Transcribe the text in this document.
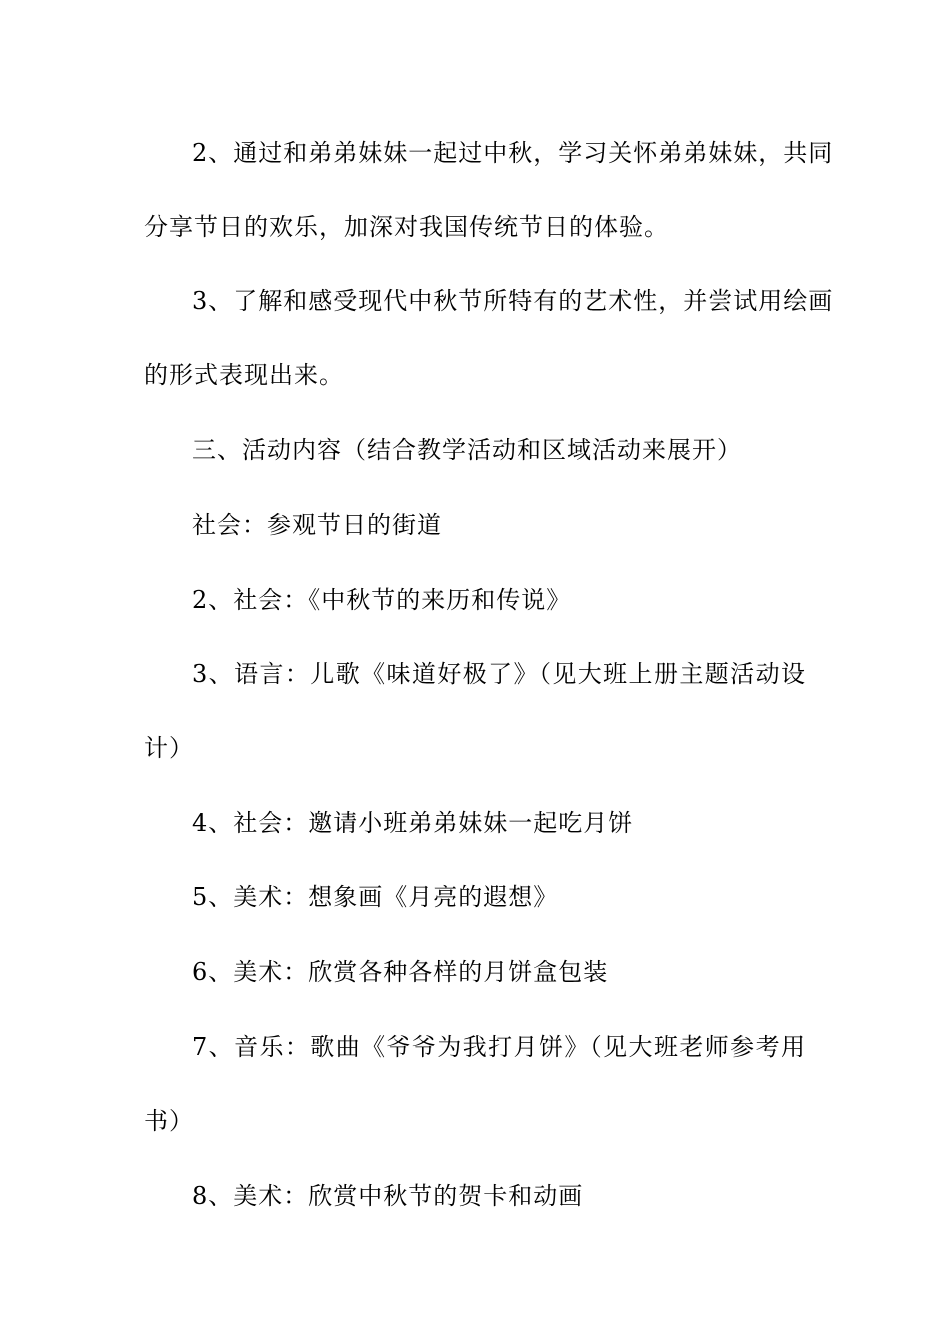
2、通过和弟弟妹妹一起过中秋，学习关怀弟弟妹妹，共同
分享节日的欢乐，加深对我国传统节日的体验。
3、了解和感受现代中秋节所特有的艺术性，并尝试用绘画
的形式表现出来。
三、活动内容（结合教学活动和区域活动来展开）
社会：参观节日的街道
2、社会：《中秋节的来历和传说》
3、语言：儿歌《味道好极了》（见大班上册主题活动设
计）
4、社会：邀请小班弟弟妹妹一起吃月饼
5、美术：想象画《月亮的遐想》
6、美术：欣赏各种各样的月饼盒包装
7、音乐：歌曲《爷爷为我打月饼》（见大班老师参考用
书）
8、美术：欣赏中秋节的贺卡和动画
